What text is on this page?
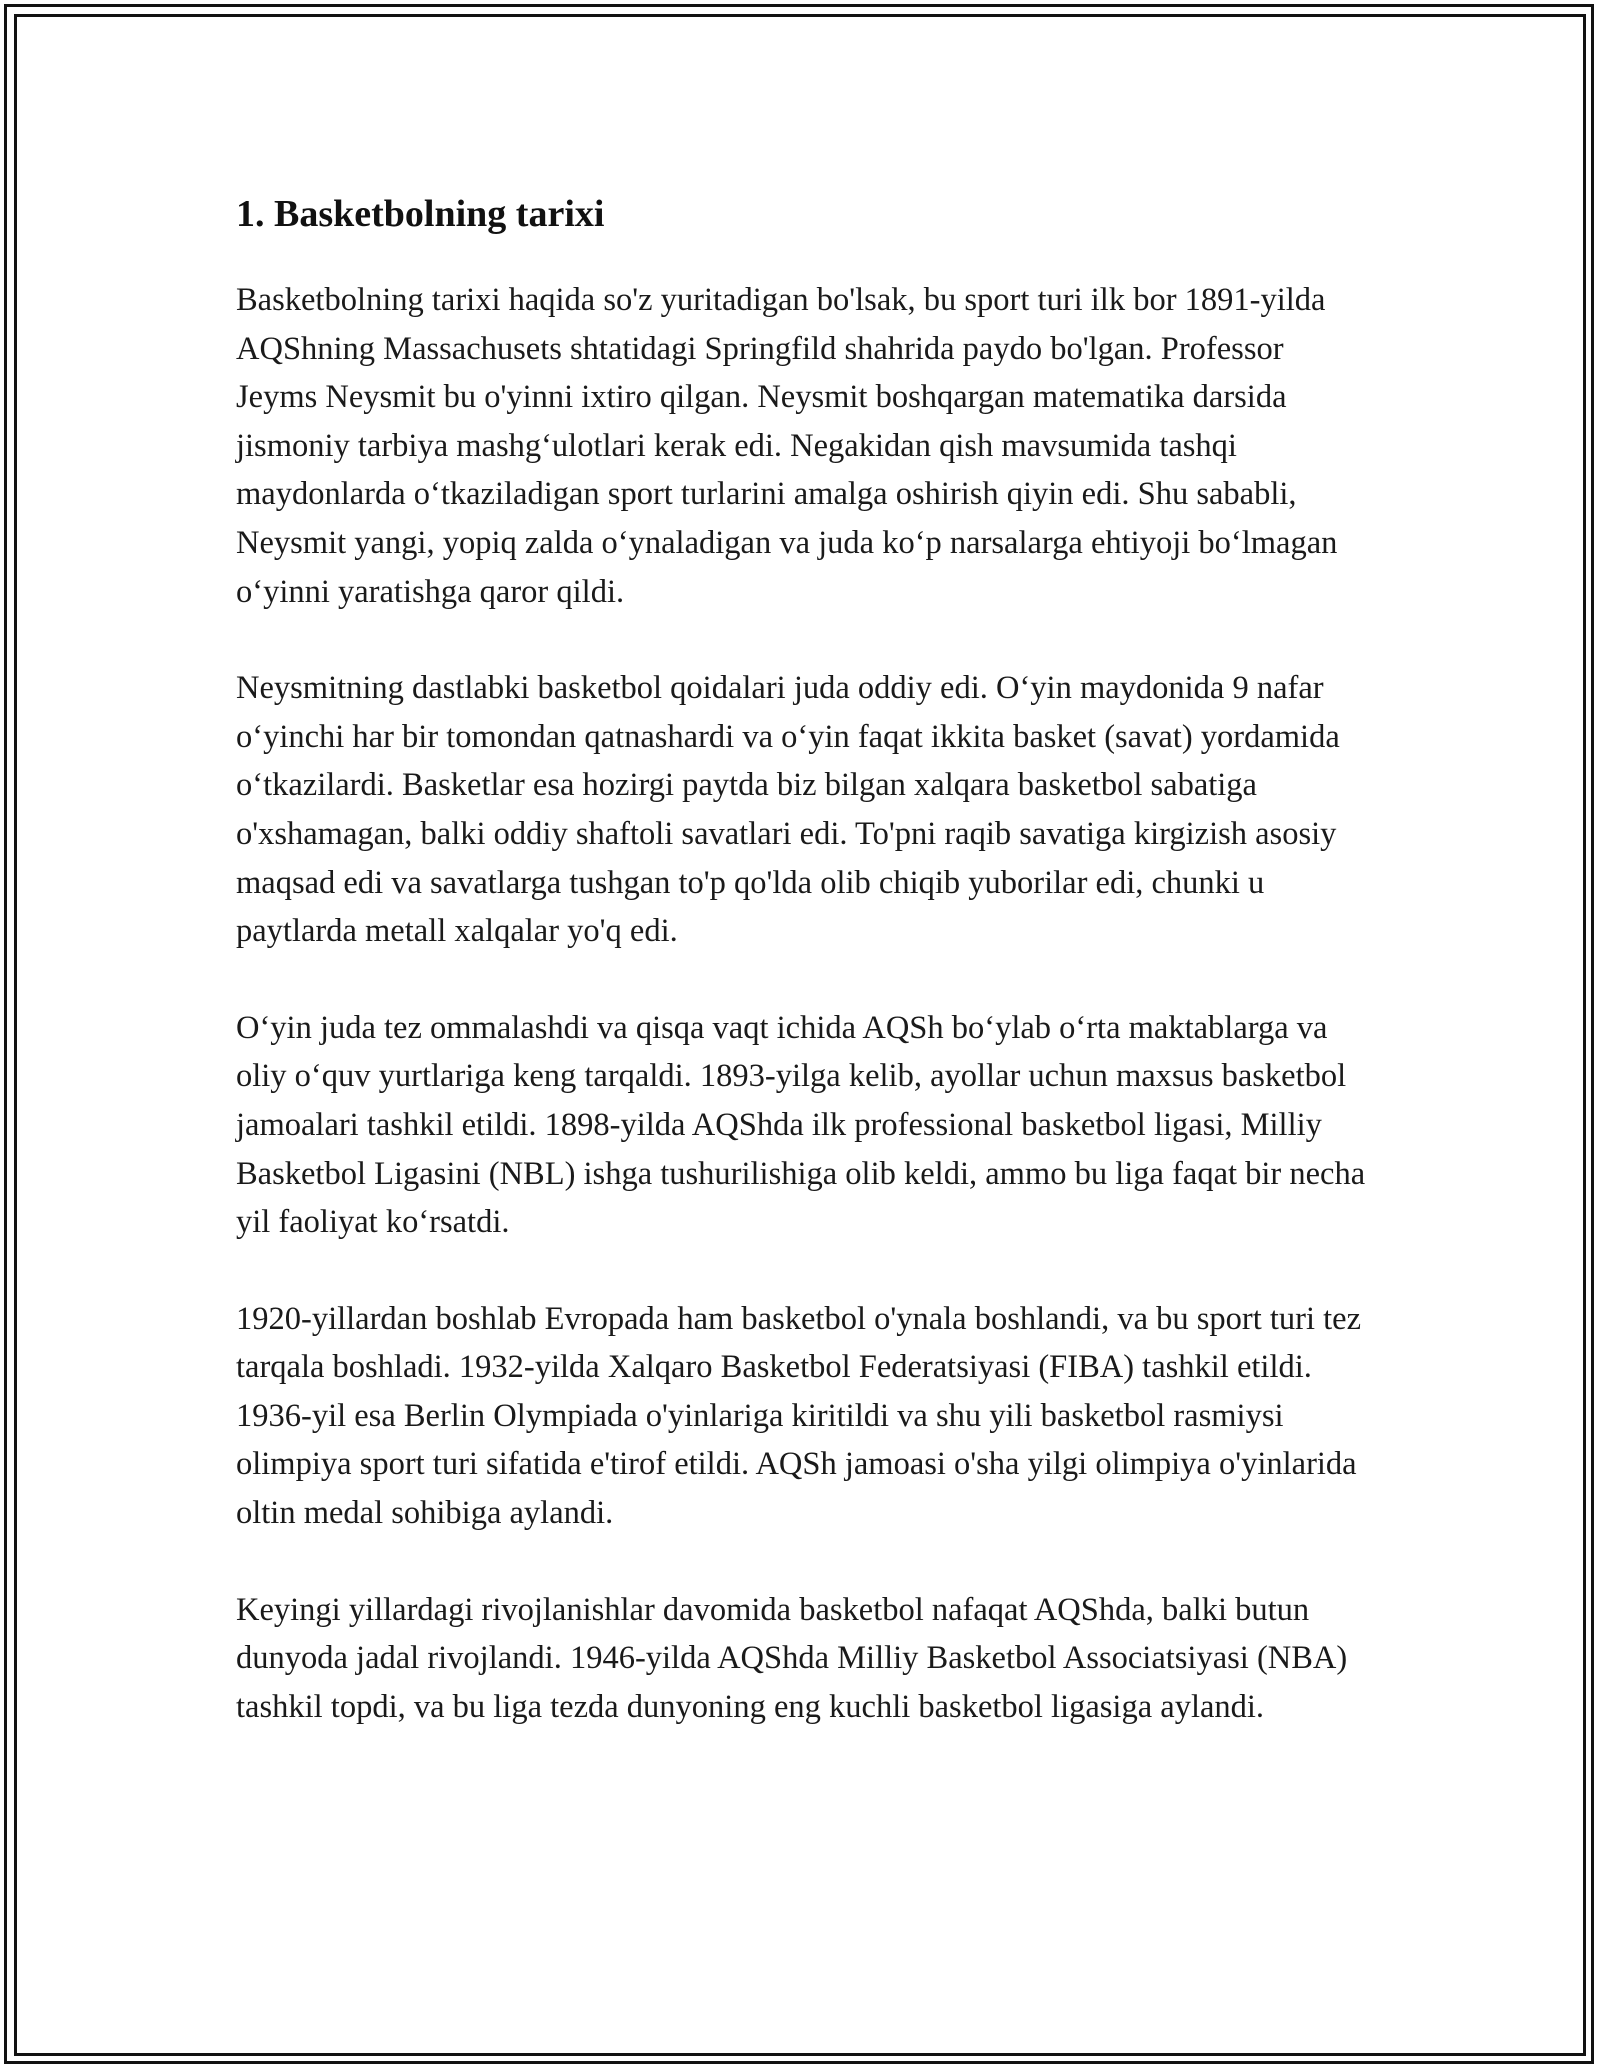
1. Basketbolning tarixi

Basketbolning tarixi haqida so'z yuritadigan bo'lsak, bu sport turi ilk bor 1891-yilda AQShning Massachusets shtatidagi Springfild shahrida paydo bo'lgan. Professor Jeyms Neysmit bu o'yinni ixtiro qilgan. Neysmit boshqargan matematika darsida jismoniy tarbiya mashg‘ulotlari kerak edi. Negakidan qish mavsumida tashqi maydonlarda o‘tkaziladigan sport turlarini amalga oshirish qiyin edi. Shu sababli, Neysmit yangi, yopiq zalda o‘ynaladigan va juda ko‘p narsalarga ehtiyoji bo‘lmagan o‘yinni yaratishga qaror qildi.

Neysmitning dastlabki basketbol qoidalari juda oddiy edi. O‘yin maydonida 9 nafar o‘yinchi har bir tomondan qatnashardi va o‘yin faqat ikkita basket (savat) yordamida o‘tkazilardi. Basketlar esa hozirgi paytda biz bilgan xalqara basketbol sabatiga o'xshamagan, balki oddiy shaftoli savatlari edi. To'pni raqib savatiga kirgizish asosiy maqsad edi va savatlarga tushgan to'p qo'lda olib chiqib yuborilar edi, chunki u paytlarda metall xalqalar yo'q edi.

O‘yin juda tez ommalashdi va qisqa vaqt ichida AQSh bo‘ylab o‘rta maktablarga va oliy o‘quv yurtlariga keng tarqaldi. 1893-yilga kelib, ayollar uchun maxsus basketbol jamoalari tashkil etildi. 1898-yilda AQShda ilk professional basketbol ligasi, Milliy Basketbol Ligasini (NBL) ishga tushurilishiga olib keldi, ammo bu liga faqat bir necha yil faoliyat ko‘rsatdi.

1920-yillardan boshlab Evropada ham basketbol o'ynala boshlandi, va bu sport turi tez tarqala boshladi. 1932-yilda Xalqaro Basketbol Federatsiyasi (FIBA) tashkil etildi. 1936-yil esa Berlin Olympiada o'yinlariga kiritildi va shu yili basketbol rasmiysi olimpiya sport turi sifatida e'tirof etildi. AQSh jamoasi o'sha yilgi olimpiya o'yinlarida oltin medal sohibiga aylandi.

Keyingi yillardagi rivojlanishlar davomida basketbol nafaqat AQShda, balki butun dunyoda jadal rivojlandi. 1946-yilda AQShda Milliy Basketbol Associatsiyasi (NBA) tashkil topdi, va bu liga tezda dunyoning eng kuchli basketbol ligasiga aylandi.
